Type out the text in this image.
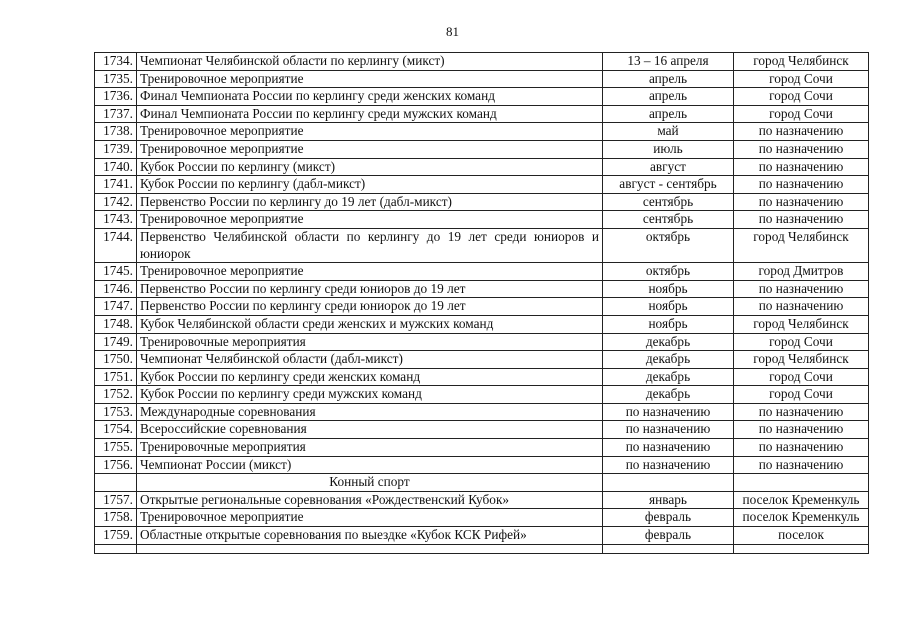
81
1734.	Чемпионат Челябинской области по керлингу (микст)	13 – 16 апреля	город Челябинск
1735.	Тренировочное мероприятие	апрель	город Сочи
1736.	Финал Чемпионата России по керлингу среди женских команд	апрель	город Сочи
1737.	Финал Чемпионата России по керлингу среди мужских команд	апрель	город Сочи
1738.	Тренировочное мероприятие	май	по назначению
1739.	Тренировочное мероприятие	июль	по назначению
1740.	Кубок России по керлингу (микст)	август	по назначению
1741.	Кубок России по керлингу (дабл-микст)	август - сентябрь	по назначению
1742.	Первенство России по керлингу до 19 лет (дабл-микст)	сентябрь	по назначению
1743.	Тренировочное мероприятие	сентябрь	по назначению
1744.	Первенство Челябинской области по керлингу до 19 лет среди юниоров и юниорок	октябрь	город Челябинск
1745.	Тренировочное мероприятие	октябрь	город Дмитров
1746.	Первенство России по керлингу среди юниоров до 19 лет	ноябрь	по назначению
1747.	Первенство России по керлингу среди юниорок до 19 лет	ноябрь	по назначению
1748.	Кубок Челябинской области среди женских и мужских команд	ноябрь	город Челябинск
1749.	Тренировочные мероприятия	декабрь	город Сочи
1750.	Чемпионат Челябинской области (дабл-микст)	декабрь	город Челябинск
1751.	Кубок России по керлингу среди женских команд	декабрь	город Сочи
1752.	Кубок России по керлингу среди мужских команд	декабрь	город Сочи
1753.	Международные соревнования	по назначению	по назначению
1754.	Всероссийские соревнования	по назначению	по назначению
1755.	Тренировочные мероприятия	по назначению	по назначению
1756.	Чемпионат России (микст)	по назначению	по назначению
	Конный спорт		
1757.	Открытые региональные соревнования «Рождественский Кубок»	январь	поселок Кременкуль
1758.	Тренировочное мероприятие	февраль	поселок Кременкуль
1759.	Областные открытые соревнования по выездке «Кубок КСК Рифей»	февраль	поселок
